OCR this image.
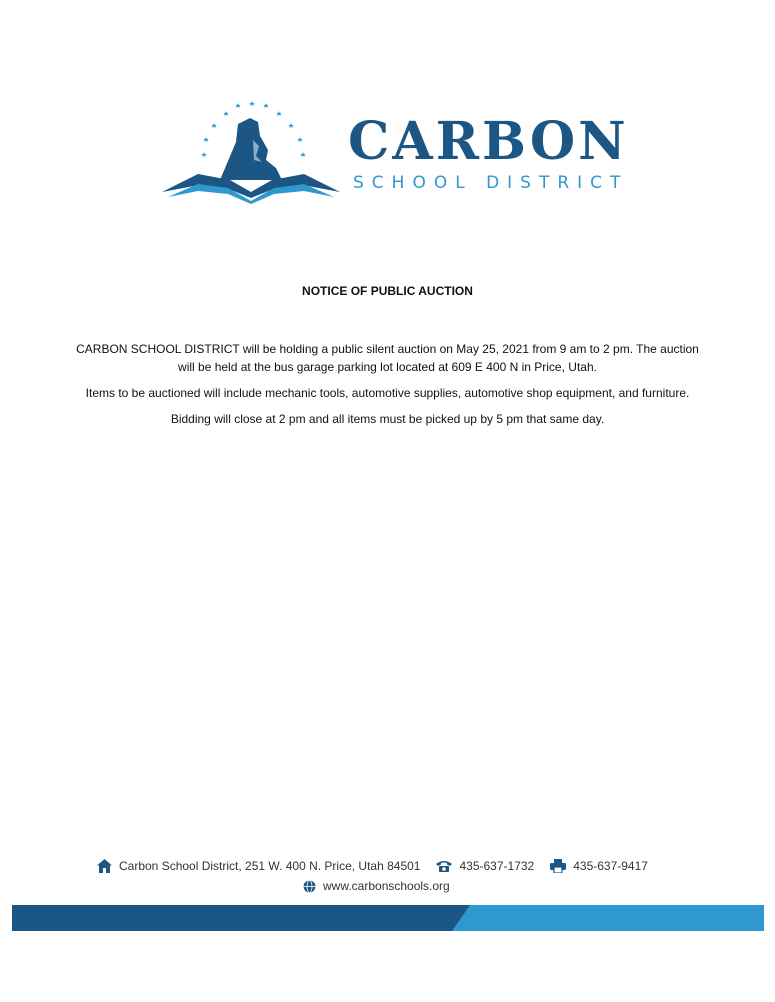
CARBON
SCHOOL DISTRICT
NOTICE OF PUBLIC AUCTION

CARBON SCHOOL DISTRICT will be holding a public silent auction on May 25, 2021 from 9 am to 2 pm. The auction will be held at the bus garage parking lot located at 609 E 400 N in Price, Utah.

Items to be auctioned will include mechanic tools, automotive supplies, automotive shop equipment, and furniture.

Bidding will close at 2 pm and all items must be picked up by 5 pm that same day.

Carbon School District, 251 W. 400 N. Price, Utah 84501	435-637-1732	435-637-9417
www.carbonschools.org
